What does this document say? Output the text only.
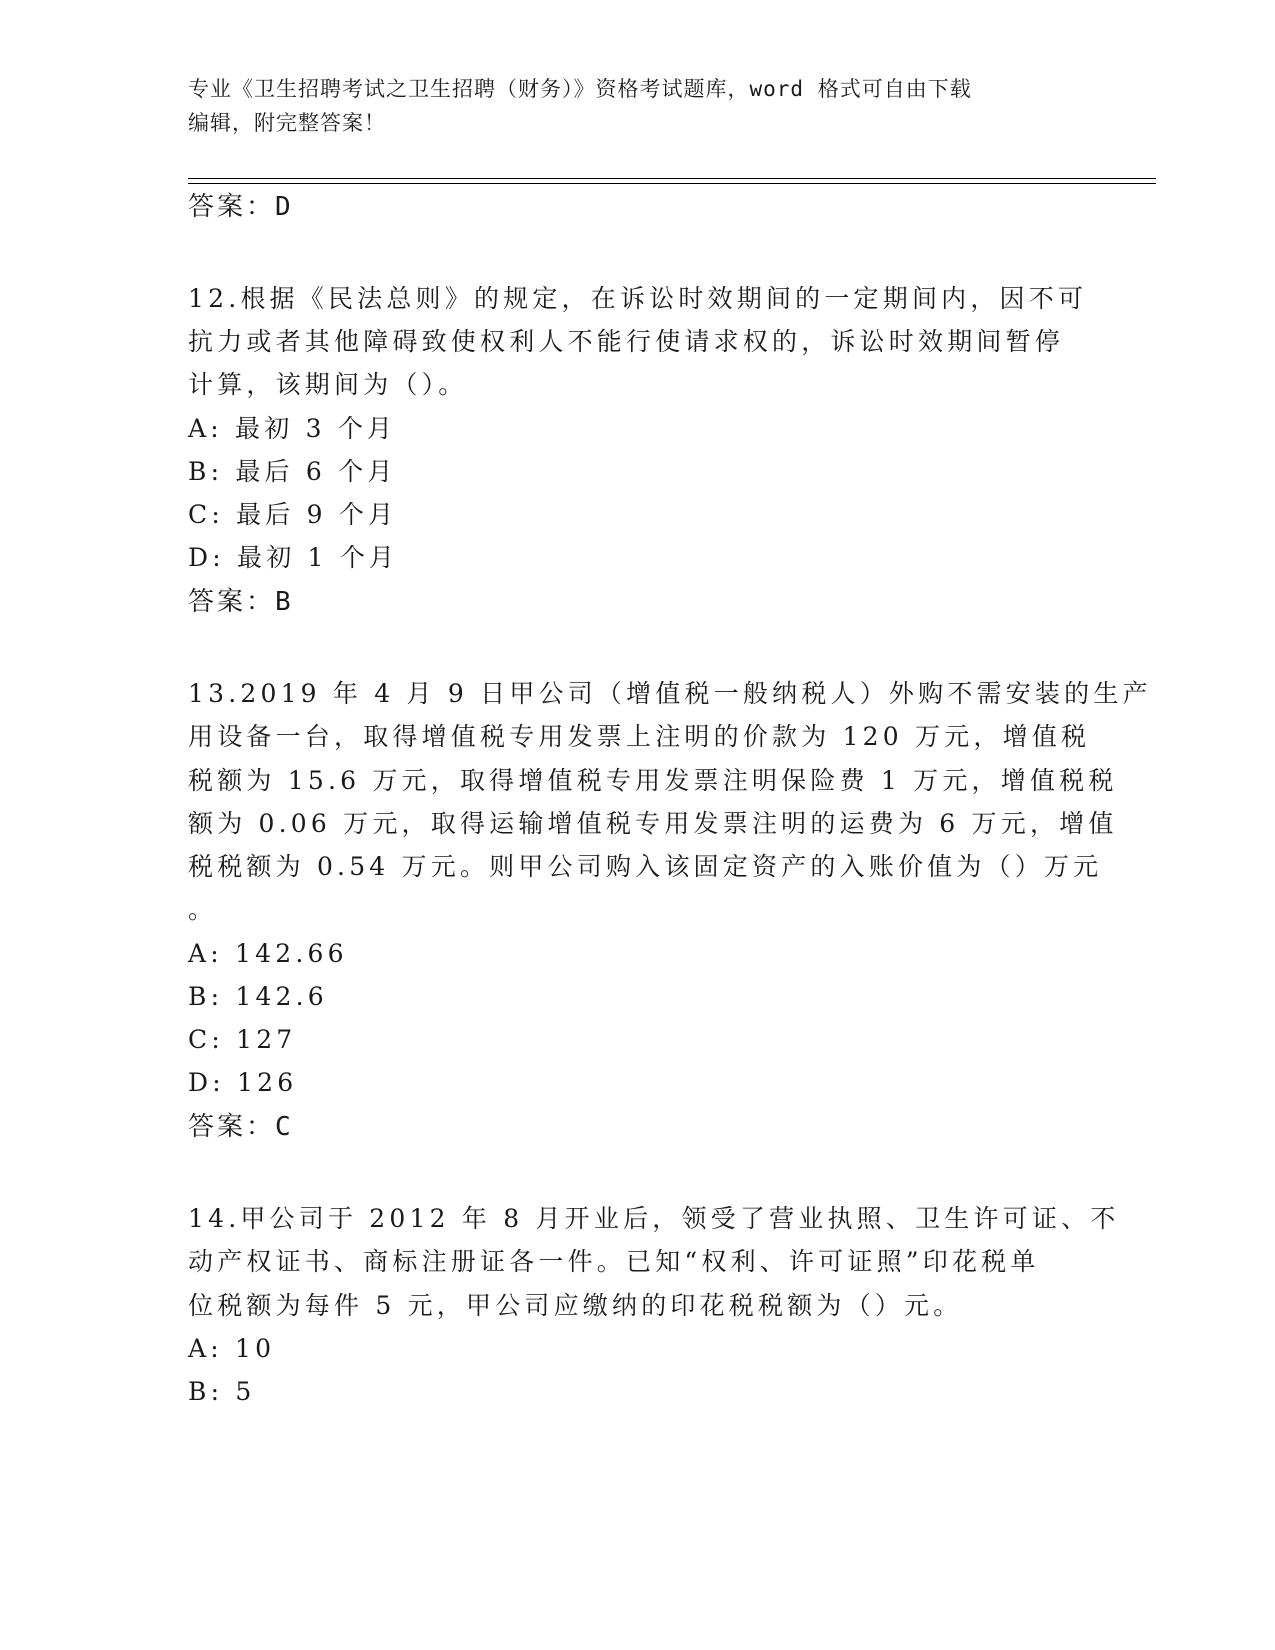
专业《卫生招聘考试之卫生招聘（财务）》资格考试题库，word 格式可自由下载
编辑，附完整答案！
答案：D
12.根据《民法总则》的规定，在诉讼时效期间的一定期间内，因不可
抗力或者其他障碍致使权利人不能行使请求权的，诉讼时效期间暂停
计算，该期间为（）。
A: 最初 3 个月
B: 最后 6 个月
C: 最后 9 个月
D: 最初 1 个月
答案：B
13.2019 年 4 月 9 日甲公司（增值税一般纳税人）外购不需安装的生产
用设备一台，取得增值税专用发票上注明的价款为 120 万元，增值税
税额为 15.6 万元，取得增值税专用发票注明保险费 1 万元，增值税税
额为 0.06 万元，取得运输增值税专用发票注明的运费为 6 万元，增值
税税额为 0.54 万元。则甲公司购入该固定资产的入账价值为（）万元
。
A: 142.66
B: 142.6
C: 127
D: 126
答案：C
14.甲公司于 2012 年 8 月开业后，领受了营业执照、卫生许可证、不
动产权证书、商标注册证各一件。已知“权利、许可证照”印花税单
位税额为每件 5 元，甲公司应缴纳的印花税税额为（）元。
A: 10
B: 5
